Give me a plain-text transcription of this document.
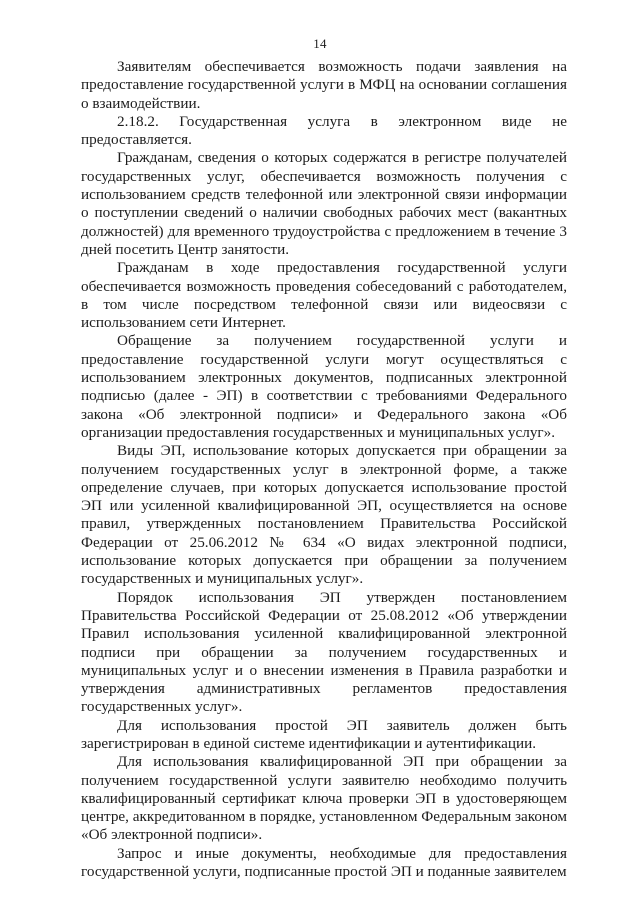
14

Заявителям обеспечивается возможность подачи заявления на предоставление государственной услуги в МФЦ на основании соглашения о взаимодействии.

2.18.2. Государственная услуга в электронном виде не предоставляется.

Гражданам, сведения о которых содержатся в регистре получателей государственных услуг, обеспечивается возможность получения с использованием средств телефонной или электронной связи информации о поступлении сведений о наличии свободных рабочих мест (вакантных должностей) для временного трудоустройства с предложением в течение 3 дней посетить Центр занятости.

Гражданам в ходе предоставления государственной услуги обеспечивается возможность проведения собеседований с работодателем, в том числе посредством телефонной связи или видеосвязи с использованием сети Интернет.

Обращение за получением государственной услуги и предоставление государственной услуги могут осуществляться с использованием электронных документов, подписанных электронной подписью (далее - ЭП) в соответствии с требованиями Федерального закона «Об электронной подписи» и Федерального закона «Об организации предоставления государственных и муниципальных услуг».

Виды ЭП, использование которых допускается при обращении за получением государственных услуг в электронной форме, а также определение случаев, при которых допускается использование простой ЭП или усиленной квалифицированной ЭП, осуществляется на основе правил, утвержденных постановлением Правительства Российской Федерации от 25.06.2012 № 634 «О видах электронной подписи, использование которых допускается при обращении за получением государственных и муниципальных услуг».

Порядок использования ЭП утвержден постановлением Правительства Российской Федерации от 25.08.2012 «Об утверждении Правил использования усиленной квалифицированной электронной подписи при обращении за получением государственных и муниципальных услуг и о внесении изменения в Правила разработки и утверждения административных регламентов предоставления государственных услуг».

Для использования простой ЭП заявитель должен быть зарегистрирован в единой системе идентификации и аутентификации.

Для использования квалифицированной ЭП при обращении за получением государственной услуги заявителю необходимо получить квалифицированный сертификат ключа проверки ЭП в удостоверяющем центре, аккредитованном в порядке, установленном Федеральным законом «Об электронной подписи».

Запрос и иные документы, необходимые для предоставления государственной услуги, подписанные простой ЭП и поданные заявителем
